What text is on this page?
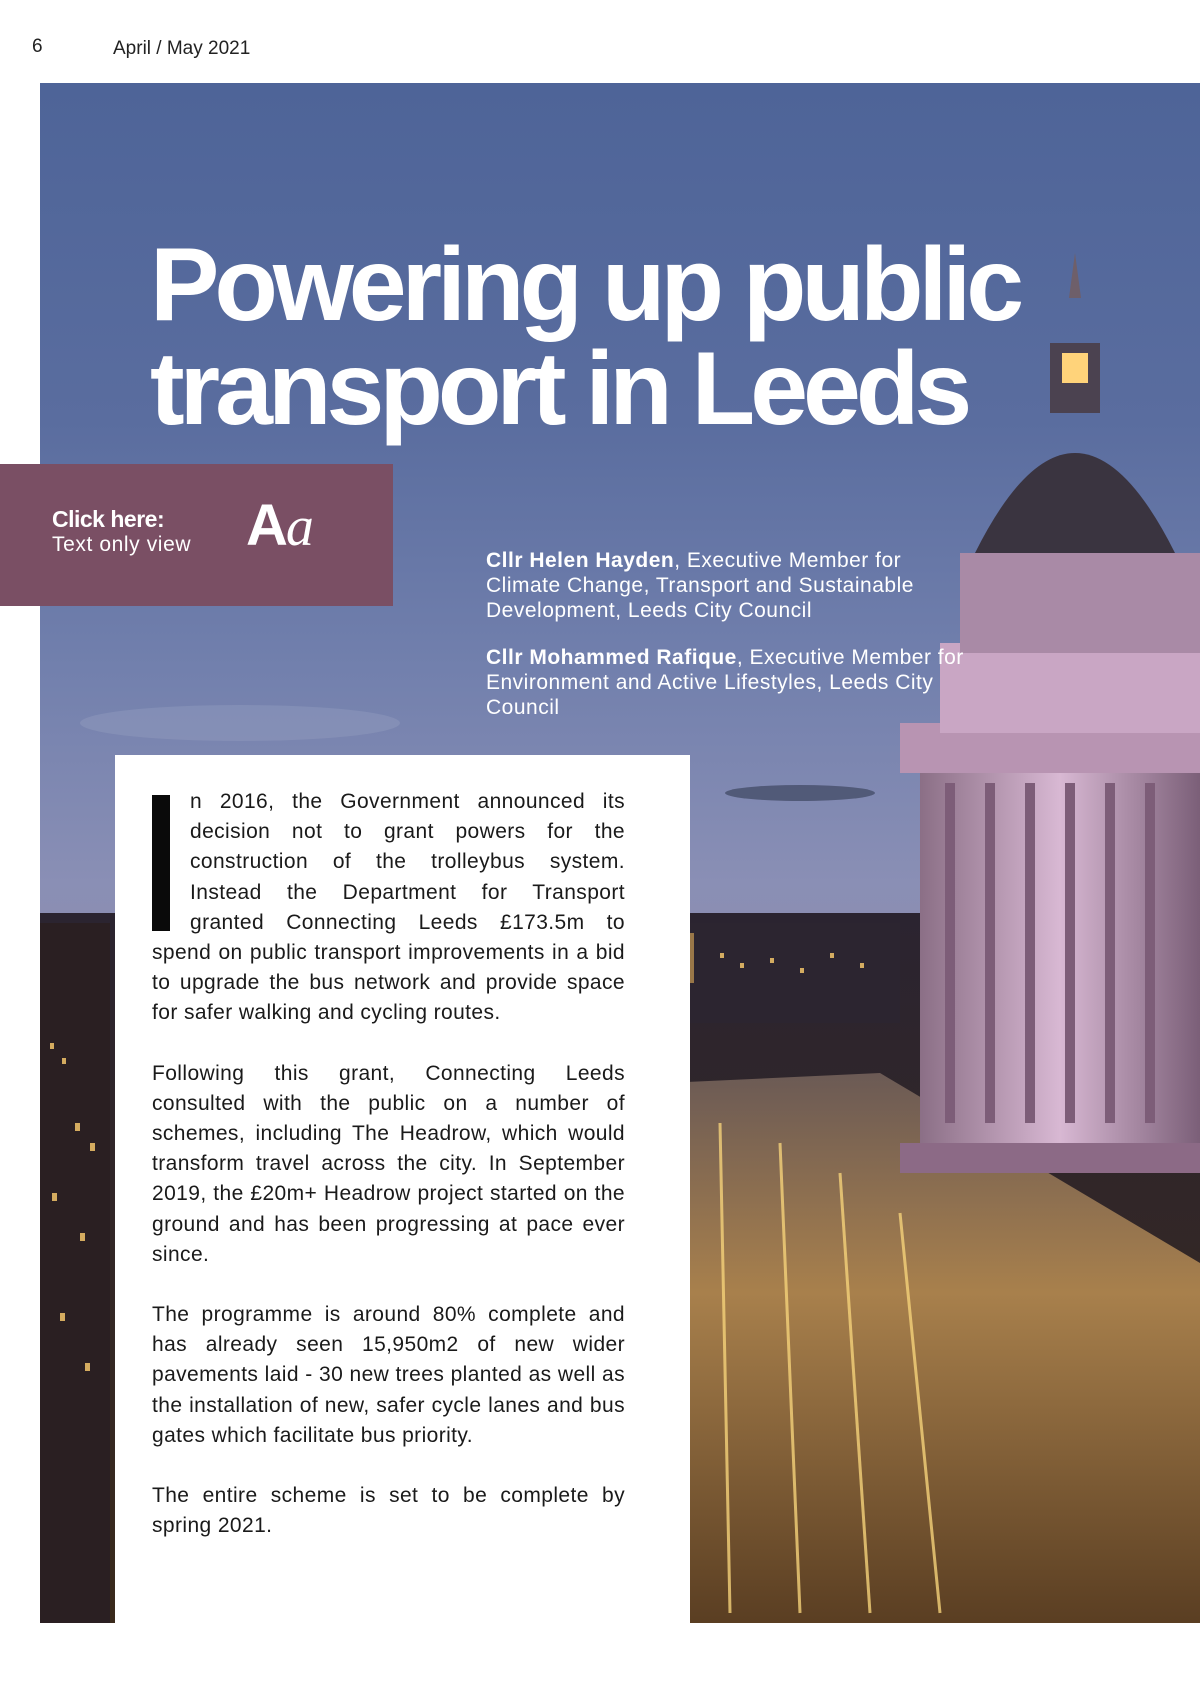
6	April / May 2021
Powering up public
transport in Leeds

Cllr Helen Hayden, Executive Member for Climate Change, Transport and Sustainable Development, Leeds City Council

Cllr Mohammed Rafique, Executive Member for Environment and Active Lifestyles, Leeds City Council

Click here:
Text only view Aa

n 2016, the Government announced its decision not to grant powers for the construction of the trolleybus system. Instead the Department for Transport granted Connecting Leeds £173.5m to spend on public transport improvements in a bid to upgrade the bus network and provide space for safer walking and cycling routes.

Following this grant, Connecting Leeds consulted with the public on a number of schemes, including The Headrow, which would transform travel across the city. In September 2019, the £20m+ Headrow project started on the ground and has been progressing at pace ever since.

The programme is around 80% complete and has already seen 15,950m2 of new wider pavements laid - 30 new trees planted as well as the installation of new, safer cycle lanes and bus gates which facilitate bus priority.

The entire scheme is set to be complete by spring 2021.
